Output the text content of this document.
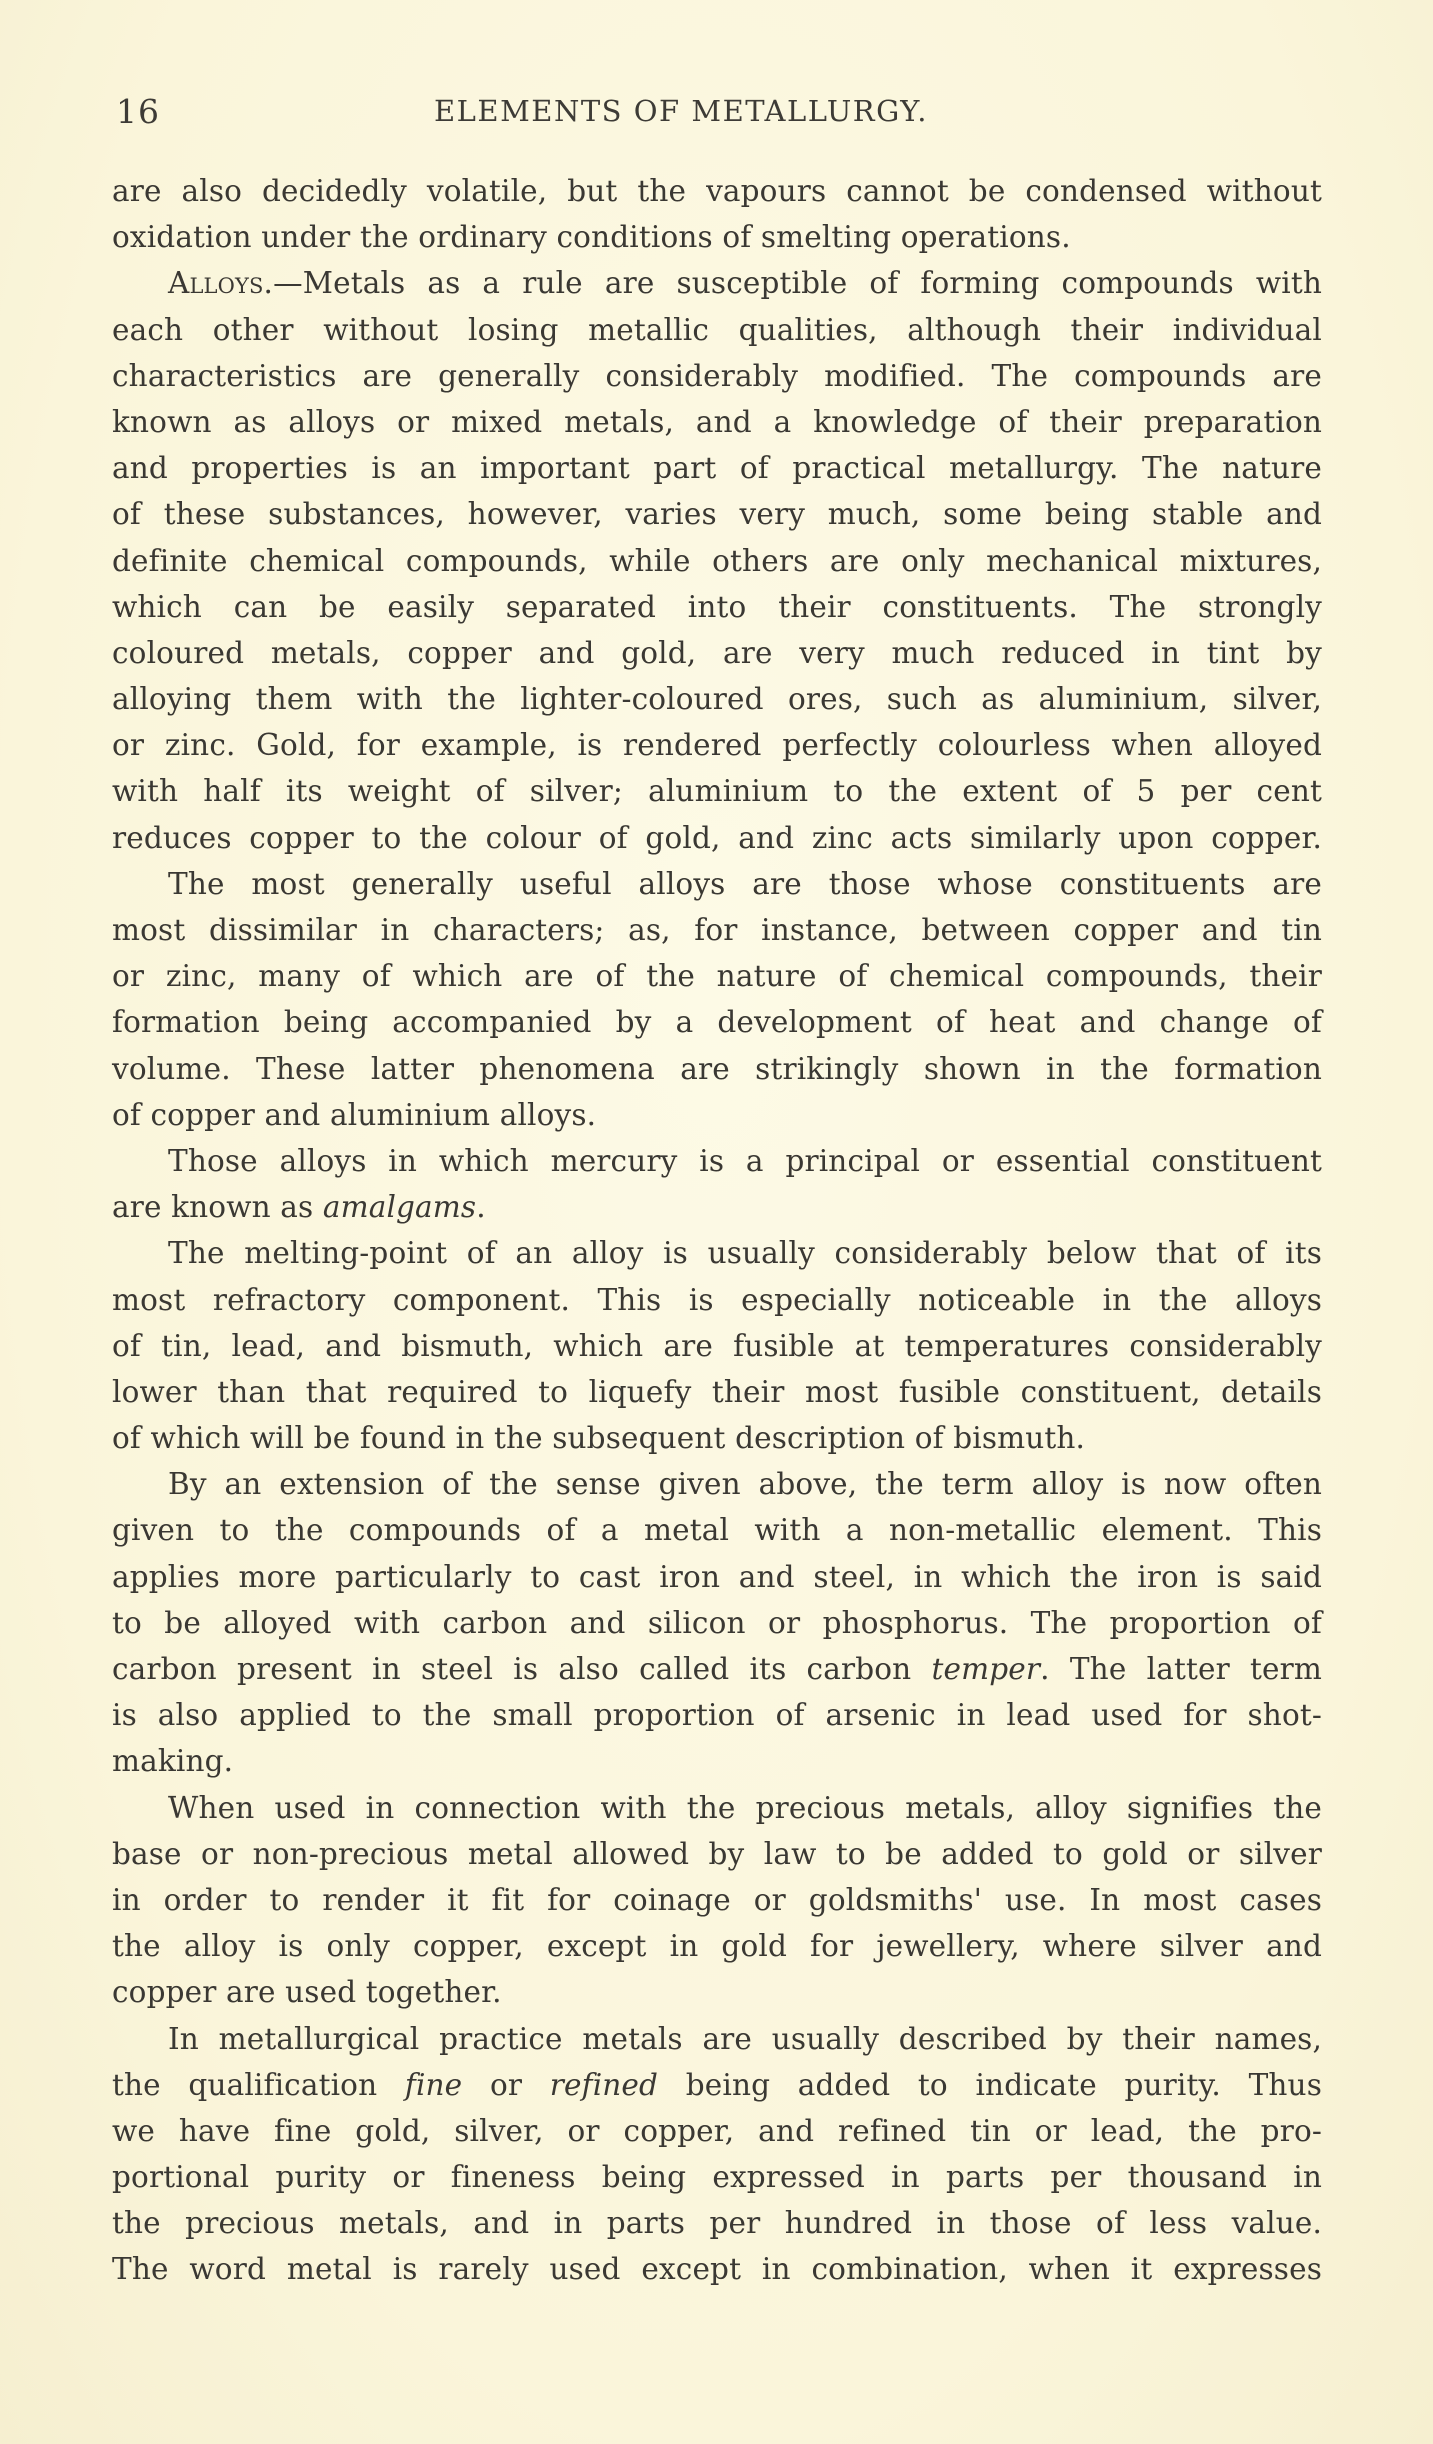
16	ELEMENTS OF METALLURGY.
are also decidedly volatile, but the vapours cannot be condensed without
oxidation under the ordinary conditions of smelting operations.
Alloys.—Metals as a rule are susceptible of forming compounds with
each other without losing metallic qualities, although their individual
characteristics are generally considerably modified. The compounds are
known as alloys or mixed metals, and a knowledge of their preparation
and properties is an important part of practical metallurgy. The nature
of these substances, however, varies very much, some being stable and
definite chemical compounds, while others are only mechanical mixtures,
which can be easily separated into their constituents. The strongly
coloured metals, copper and gold, are very much reduced in tint by
alloying them with the lighter-coloured ores, such as aluminium, silver,
or zinc. Gold, for example, is rendered perfectly colourless when alloyed
with half its weight of silver; aluminium to the extent of 5 per cent
reduces copper to the colour of gold, and zinc acts similarly upon copper.
The most generally useful alloys are those whose constituents are
most dissimilar in characters; as, for instance, between copper and tin
or zinc, many of which are of the nature of chemical compounds, their
formation being accompanied by a development of heat and change of
volume. These latter phenomena are strikingly shown in the formation
of copper and aluminium alloys.
Those alloys in which mercury is a principal or essential constituent
are known as amalgams.
The melting-point of an alloy is usually considerably below that of its
most refractory component. This is especially noticeable in the alloys
of tin, lead, and bismuth, which are fusible at temperatures considerably
lower than that required to liquefy their most fusible constituent, details
of which will be found in the subsequent description of bismuth.
By an extension of the sense given above, the term alloy is now often
given to the compounds of a metal with a non-metallic element. This
applies more particularly to cast iron and steel, in which the iron is said
to be alloyed with carbon and silicon or phosphorus. The proportion of
carbon present in steel is also called its carbon temper. The latter term
is also applied to the small proportion of arsenic in lead used for shot-
making.
When used in connection with the precious metals, alloy signifies the
base or non-precious metal allowed by law to be added to gold or silver
in order to render it fit for coinage or goldsmiths' use. In most cases
the alloy is only copper, except in gold for jewellery, where silver and
copper are used together.
In metallurgical practice metals are usually described by their names,
the qualification fine or refined being added to indicate purity. Thus
we have fine gold, silver, or copper, and refined tin or lead, the pro-
portional purity or fineness being expressed in parts per thousand in
the precious metals, and in parts per hundred in those of less value.
The word metal is rarely used except in combination, when it expresses
